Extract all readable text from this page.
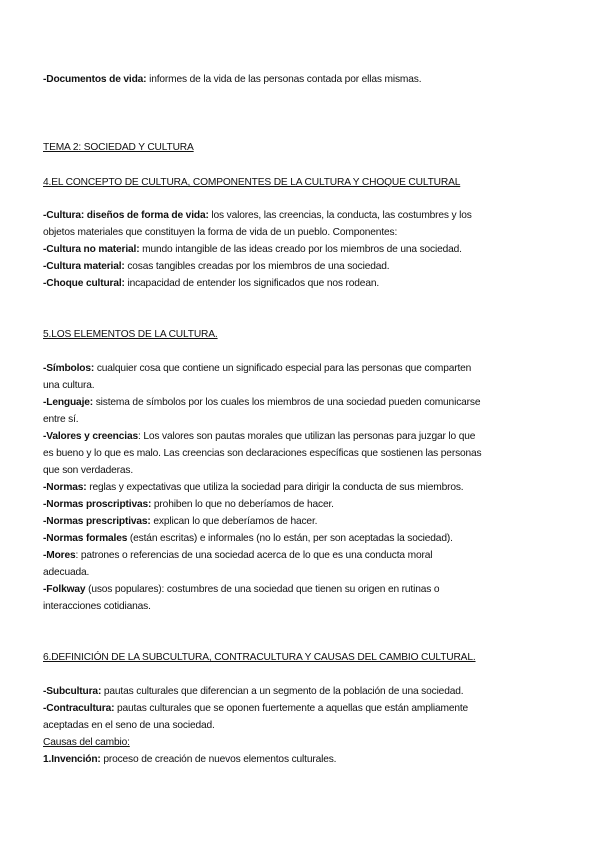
-Documentos de vida: informes de la vida de las personas contada por ellas mismas.

TEMA 2: SOCIEDAD Y CULTURA

4.EL CONCEPTO DE CULTURA, COMPONENTES DE LA CULTURA Y CHOQUE CULTURAL

-Cultura: diseños de forma de vida: los valores, las creencias, la conducta, las costumbres y los

objetos materiales que constituyen la forma de vida de un pueblo. Componentes:

-Cultura no material: mundo intangible de las ideas creado por los miembros de una sociedad.

-Cultura material: cosas tangibles creadas por los miembros de una sociedad.

-Choque cultural: incapacidad de entender los significados que nos rodean.

5.LOS ELEMENTOS DE LA CULTURA.

-Símbolos: cualquier cosa que contiene un significado especial para las personas que comparten

una cultura.

-Lenguaje: sistema de símbolos por los cuales los miembros de una sociedad pueden comunicarse

entre sí.

-Valores y creencias: Los valores son pautas morales que utilizan las personas para juzgar lo que

es bueno y lo que es malo. Las creencias son declaraciones específicas que sostienen las personas

que son verdaderas.

-Normas: reglas y expectativas que utiliza la sociedad para dirigir la conducta de sus miembros.

-Normas proscriptivas: prohiben lo que no deberíamos de hacer.

-Normas prescriptivas: explican lo que deberíamos de hacer.

-Normas formales (están escritas) e informales (no lo están, per son aceptadas la sociedad).

-Mores: patrones o referencias de una sociedad acerca de lo que es una conducta moral

adecuada.

-Folkway (usos populares): costumbres de una sociedad que tienen su origen en rutinas o

interacciones cotidianas.

6.DEFINICIÓN DE LA SUBCULTURA, CONTRACULTURA Y CAUSAS DEL CAMBIO CULTURAL.

-Subcultura: pautas culturales que diferencian a un segmento de la población de una sociedad.

-Contracultura: pautas culturales que se oponen fuertemente a aquellas que están ampliamente

aceptadas en el seno de una sociedad.

Causas del cambio:

1.Invención: proceso de creación de nuevos elementos culturales.
